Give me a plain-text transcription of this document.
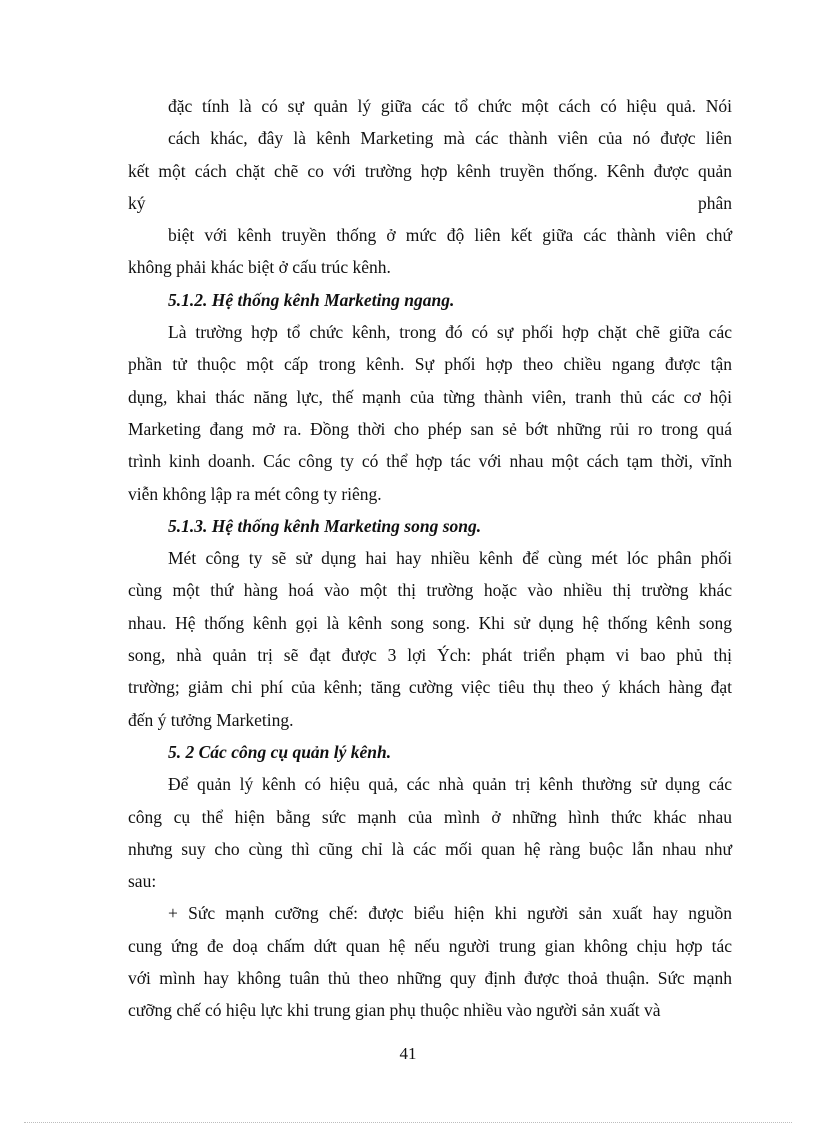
đặc tính là có sự quản lý giữa các tổ chức một cách có hiệu quả. Nói
cách khác, đây là kênh Marketing mà các thành viên của nó được liên
kết một cách chặt chẽ co với trường hợp kênh truyền thống. Kênh được quản
ký	phân
biệt với kênh truyền thống ở mức độ liên kết giữa các thành viên chứ
không phải khác biệt ở cấu trúc kênh.
5.1.2. Hệ thống kênh Marketing ngang.
Là trường hợp tổ chức kênh, trong đó có sự phối hợp chặt chẽ giữa các
phần tử thuộc một cấp trong kênh. Sự phối hợp theo chiều ngang được tận
dụng, khai thác năng lực, thế mạnh của từng thành viên, tranh thủ các cơ hội
Marketing đang mở ra. Đồng thời cho phép san sẻ bớt những rủi ro trong quá
trình kinh doanh. Các công ty có thể hợp tác với nhau một cách tạm thời, vĩnh
viễn không lập ra mét công ty riêng.
5.1.3. Hệ thống kênh Marketing song song.
Mét công ty sẽ sử dụng hai hay nhiều kênh để cùng mét lóc phân phối
cùng một thứ hàng hoá vào một thị trường hoặc vào nhiều thị trường khác
nhau. Hệ thống kênh gọi là kênh song song. Khi sử dụng hệ thống kênh song
song, nhà quản trị sẽ đạt được 3 lợi Ých: phát triển phạm vi bao phủ thị
trường; giảm chi phí của kênh; tăng cường việc tiêu thụ theo ý khách hàng đạt
đến ý tưởng Marketing.
5. 2 Các công cụ quản lý kênh.
Để quản lý kênh có hiệu quả, các nhà quản trị kênh thường sử dụng các
công cụ thể hiện bằng sức mạnh của mình ở những hình thức khác nhau
nhưng suy cho cùng thì cũng chỉ là các mối quan hệ ràng buộc lẫn nhau như
sau:
+ Sức mạnh cưỡng chế: được biểu hiện khi người sản xuất hay nguồn
cung ứng đe doạ chấm dứt quan hệ nếu người trung gian không chịu hợp tác
với mình hay không tuân thủ theo những quy định được thoả thuận. Sức mạnh
cưỡng chế có hiệu lực khi trung gian phụ thuộc nhiều vào người sản xuất và
41
